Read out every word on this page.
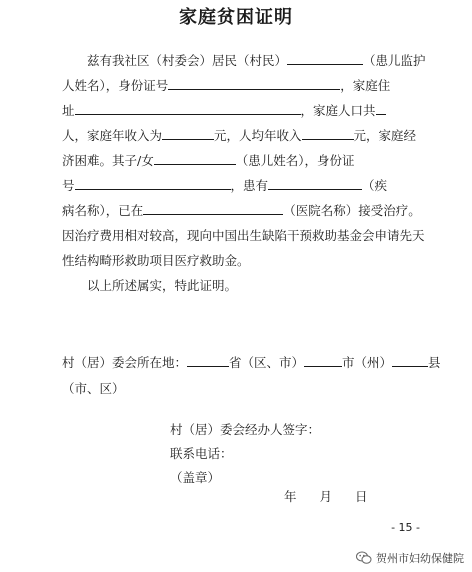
家庭贫困证明
兹有我社区（村委会）居民（村民）	（患儿监护
人姓名），身份证号	，家庭住
址	，家庭人口共
人，家庭年收入为	元，人均年收入	元，家庭经
济困难。其子/女	（患儿姓名），身份证
号	，患有	（疾
病名称），已在	（医院名称）接受治疗。
因治疗费用相对较高，现向中国出生缺陷干预救助基金会申请先天
性结构畸形救助项目医疗救助金。
以上所述属实，特此证明。
村（居）委会所在地：	省（区、市）	市（州）	县
（市、区）
村（居）委会经办人签字：
联系电话：
（盖章）
年 月 日
- 15 -
贺州市妇幼保健院
